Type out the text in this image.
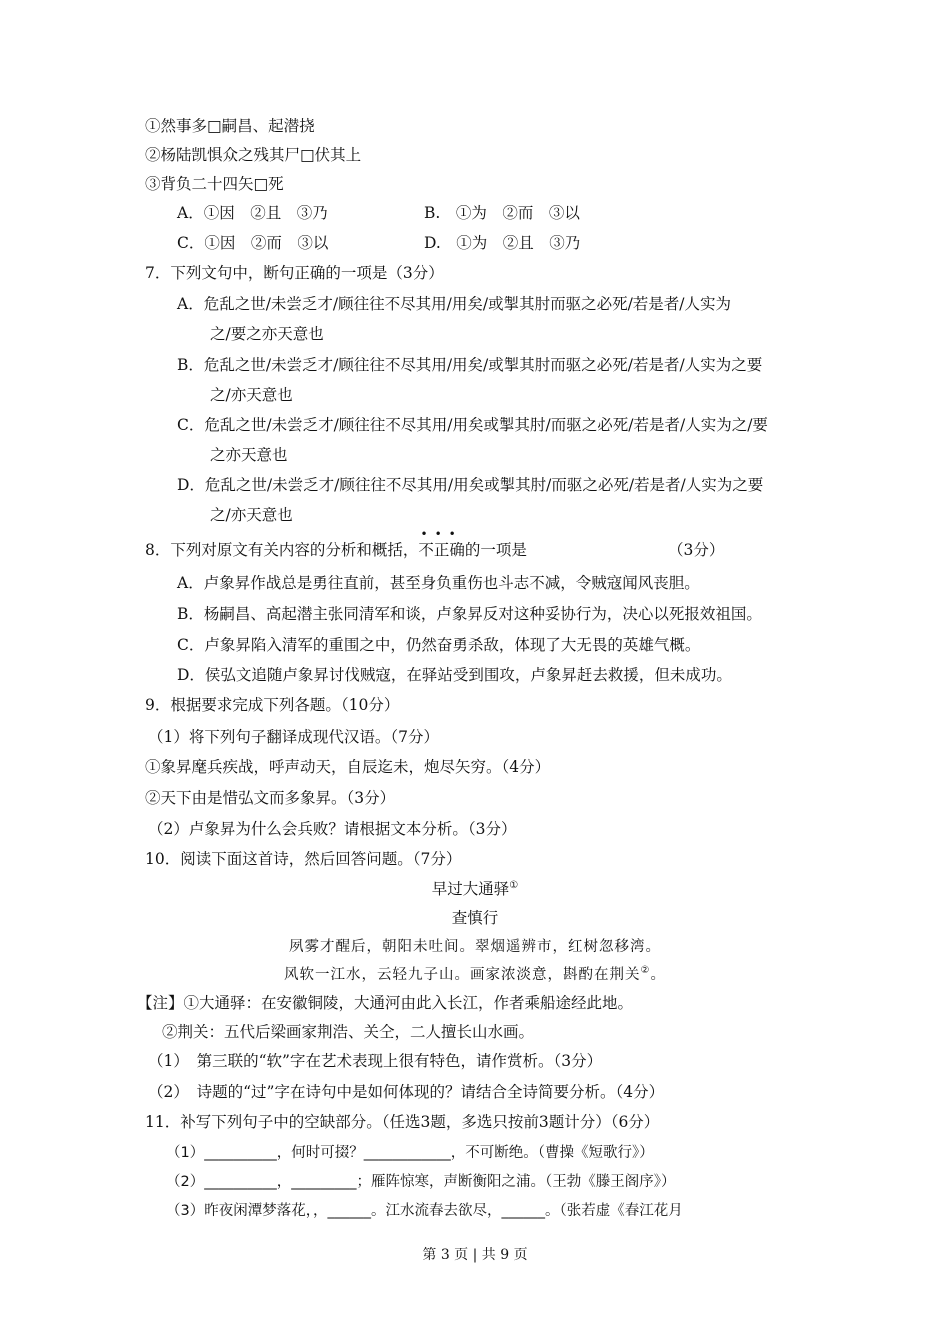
①然事多□嗣昌、起潜挠
②杨陆凯惧众之残其尸□伏其上
③背负二十四矢□死
A．①因　②且　③乃	B.　①为　②而　③以
C．①因　②而　③以	D.　①为　②且　③乃
7．下列文句中，断句正确的一项是（3分）
A．危乱之世/未尝乏才/顾往往不尽其用/用矣/或掣其肘而驱之必死/若是者/人实为
之/要之亦天意也
B．危乱之世/未尝乏才/顾往往不尽其用/用矣/或掣其肘而驱之必死/若是者/人实为之要
之/亦天意也
C．危乱之世/未尝乏才/顾往往不尽其用/用矣或掣其肘/而驱之必死/若是者/人实为之/要
之亦天意也
D．危乱之世/未尝乏才/顾往往不尽其用/用矣或掣其肘/而驱之必死/若是者/人实为之要
之/亦天意也
8．下列对原文有关内容的分析和概括，
•••
不正确的一项是	（3分）
A．卢象昇作战总是勇往直前，甚至身负重伤也斗志不减，令贼寇闻风丧胆。
B．杨嗣昌、高起潜主张同清军和谈，卢象昇反对这种妥协行为，决心以死报效祖国。
C．卢象昇陷入清军的重围之中，仍然奋勇杀敌，体现了大无畏的英雄气概。
D．侯弘文追随卢象昇讨伐贼寇，在驿站受到围攻，卢象昇赶去救援，但未成功。
9．根据要求完成下列各题。（10分）
（1）将下列句子翻译成现代汉语。（7分）
①象昇麾兵疾战，呼声动天，自辰迄未，炮尽矢穷。（4分）
②天下由是惜弘文而多象昇。（3分）
（2）卢象昇为什么会兵败？请根据文本分析。（3分）
10．阅读下面这首诗，然后回答问题。（7分）
早过大通驿①
查慎行
夙雾才醒后，朝阳未吐间。翠烟遥辨市，红树忽移湾。
风软一江水，云轻九子山。画家浓淡意，斟酌在荆关②。
【注】①大通驿：在安徽铜陵，大通河由此入长江，作者乘船途经此地。
②荆关：五代后梁画家荆浩、关仝，二人擅长山水画。
（1）　第三联的“软”字在艺术表现上很有特色，请作赏析。（3分）
（2）　诗题的“过”字在诗句中是如何体现的？请结合全诗简要分析。（4分）
11．补写下列句子中的空缺部分。（任选3题，多选只按前3题计分）（6分）
（1）__________，何时可掇？____________，不可断绝。（曹操《短歌行》）
（2）__________，_________；雁阵惊寒，声断衡阳之浦。（王勃《滕王阁序》）
（3）昨夜闲潭梦落花，，______。江水流春去欲尽，______。（张若虚《春江花月
第 3 页 | 共 9 页
